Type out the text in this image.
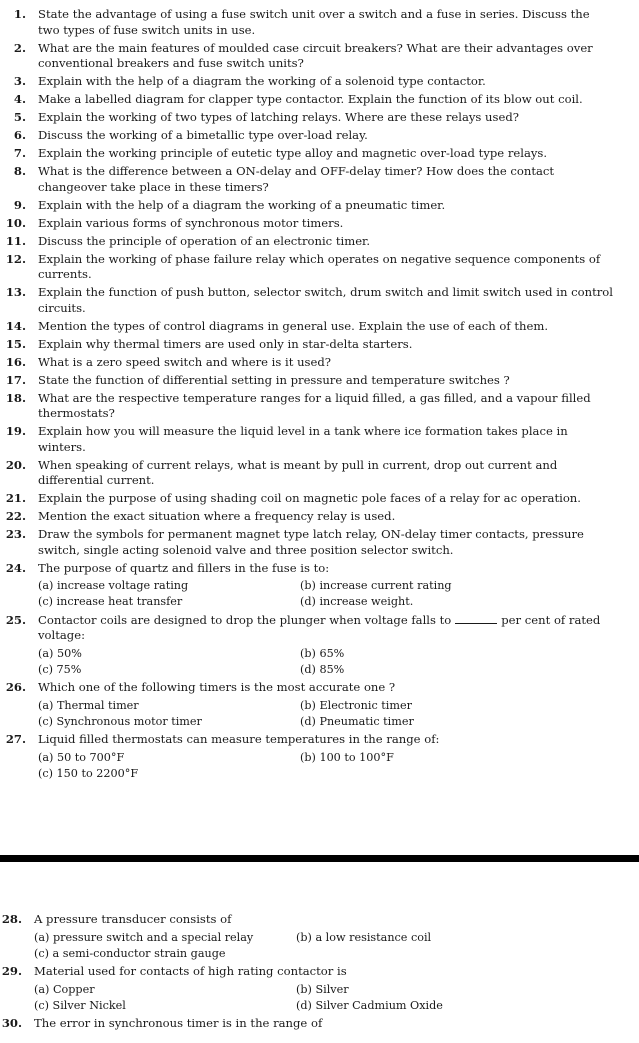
1. State the advantage of using a fuse switch unit over a switch and a fuse in series. Discuss the two types of fuse switch units in use.
2. What are the main features of moulded case circuit breakers? What are their advantages over conventional breakers and fuse switch units?
3. Explain with the help of a diagram the working of a solenoid type contactor.
4. Make a labelled diagram for clapper type contactor. Explain the function of its blow out coil.
5. Explain the working of two types of latching relays. Where are these relays used?
6. Discuss the working of a bimetallic type over-load relay.
7. Explain the working principle of eutetic type alloy and magnetic over-load type relays.
8. What is the difference between a ON-delay and OFF-delay timer? How does the contact changeover take place in these timers?
9. Explain with the help of a diagram the working of a pneumatic timer.
10. Explain various forms of synchronous motor timers.
11. Discuss the principle of operation of an electronic timer.
12. Explain the working of phase failure relay which operates on negative sequence components of currents.
13. Explain the function of push button, selector switch, drum switch and limit switch used in control circuits.
14. Mention the types of control diagrams in general use. Explain the use of each of them.
15. Explain why thermal timers are used only in star-delta starters.
16. What is a zero speed switch and where is it used?
17. State the function of differential setting in pressure and temperature switches ?
18. What are the respective temperature ranges for a liquid filled, a gas filled, and a vapour filled thermostats?
19. Explain how you will measure the liquid level in a tank where ice formation takes place in winters.
20. When speaking of current relays, what is meant by pull in current, drop out current and differential current.
21. Explain the purpose of using shading coil on magnetic pole faces of a relay for ac operation.
22. Mention the exact situation where a frequency relay is used.
23. Draw the symbols for permanent magnet type latch relay, ON-delay timer contacts, pressure switch, single acting solenoid valve and three position selector switch.
24. The purpose of quartz and fillers in the fuse is to:
(a) increase voltage rating	(b) increase current rating
(c) increase heat transfer	(d) increase weight.
25. Contactor coils are designed to drop the plunger when voltage falls to	per cent of rated voltage:
(a) 50%	(b) 65%
(c) 75%	(d) 85%
26. Which one of the following timers is the most accurate one ?
(a) Thermal timer	(b) Electronic timer
(c) Synchronous motor timer	(d) Pneumatic timer
27. Liquid filled thermostats can measure temperatures in the range of:
(a) 50 to 700°F	(b) 100 to 100°F
(c) 150 to 2200°F
28. A pressure transducer consists of
(a) pressure switch and a special relay	(b) a low resistance coil
(c) a semi-conductor strain gauge
29. Material used for contacts of high rating contactor is
(a) Copper	(b) Silver
(c) Silver Nickel	(d) Silver Cadmium Oxide
30. The error in synchronous timer is in the range of
